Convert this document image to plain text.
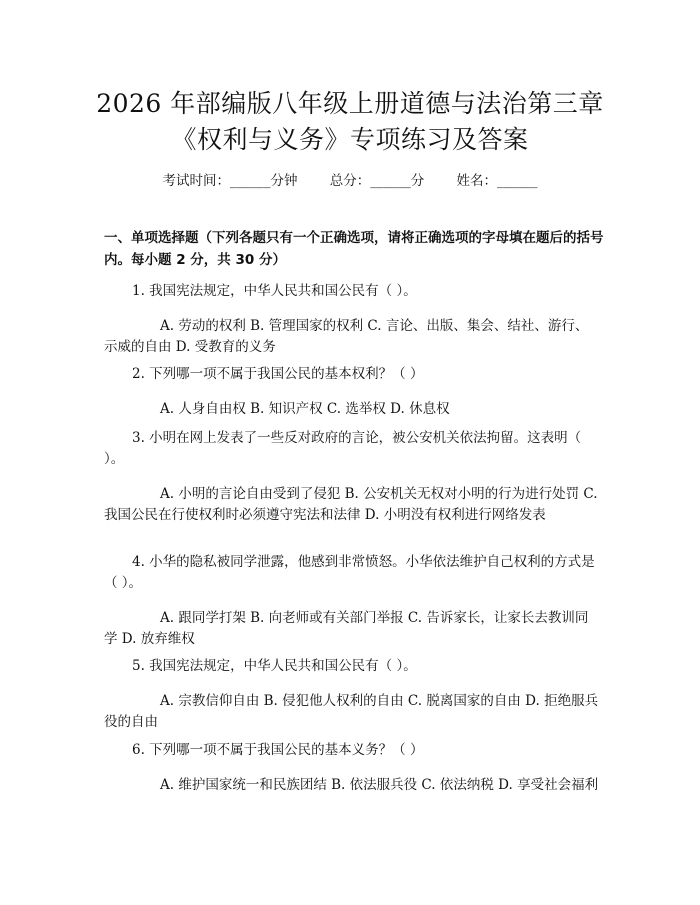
2026 年部编版八年级上册道德与法治第三章
《权利与义务》专项练习及答案
考试时间：______分钟 总分：______分 姓名：______
一、单项选择题（下列各题只有一个正确选项，请将正确选项的字母填在题后的括号内。每小题 2 分，共 30 分）
1. 我国宪法规定，中华人民共和国公民有（ ）。
A. 劳动的权利 B. 管理国家的权利 C. 言论、出版、集会、结社、游行、示威的自由 D. 受教育的义务
2. 下列哪一项不属于我国公民的基本权利？（ ）
A. 人身自由权 B. 知识产权 C. 选举权 D. 休息权
3. 小明在网上发表了一些反对政府的言论，被公安机关依法拘留。这表明（ ）。
A. 小明的言论自由受到了侵犯 B. 公安机关无权对小明的行为进行处罚 C. 我国公民在行使权利时必须遵守宪法和法律 D. 小明没有权利进行网络发表
4. 小华的隐私被同学泄露，他感到非常愤怒。小华依法维护自己权利的方式是（ ）。
A. 跟同学打架 B. 向老师或有关部门举报 C. 告诉家长，让家长去教训同学 D. 放弃维权
5. 我国宪法规定，中华人民共和国公民有（ ）。
A. 宗教信仰自由 B. 侵犯他人权利的自由 C. 脱离国家的自由 D. 拒绝服兵役的自由
6. 下列哪一项不属于我国公民的基本义务？（ ）
A. 维护国家统一和民族团结 B. 依法服兵役 C. 依法纳税 D. 享受社会福利
